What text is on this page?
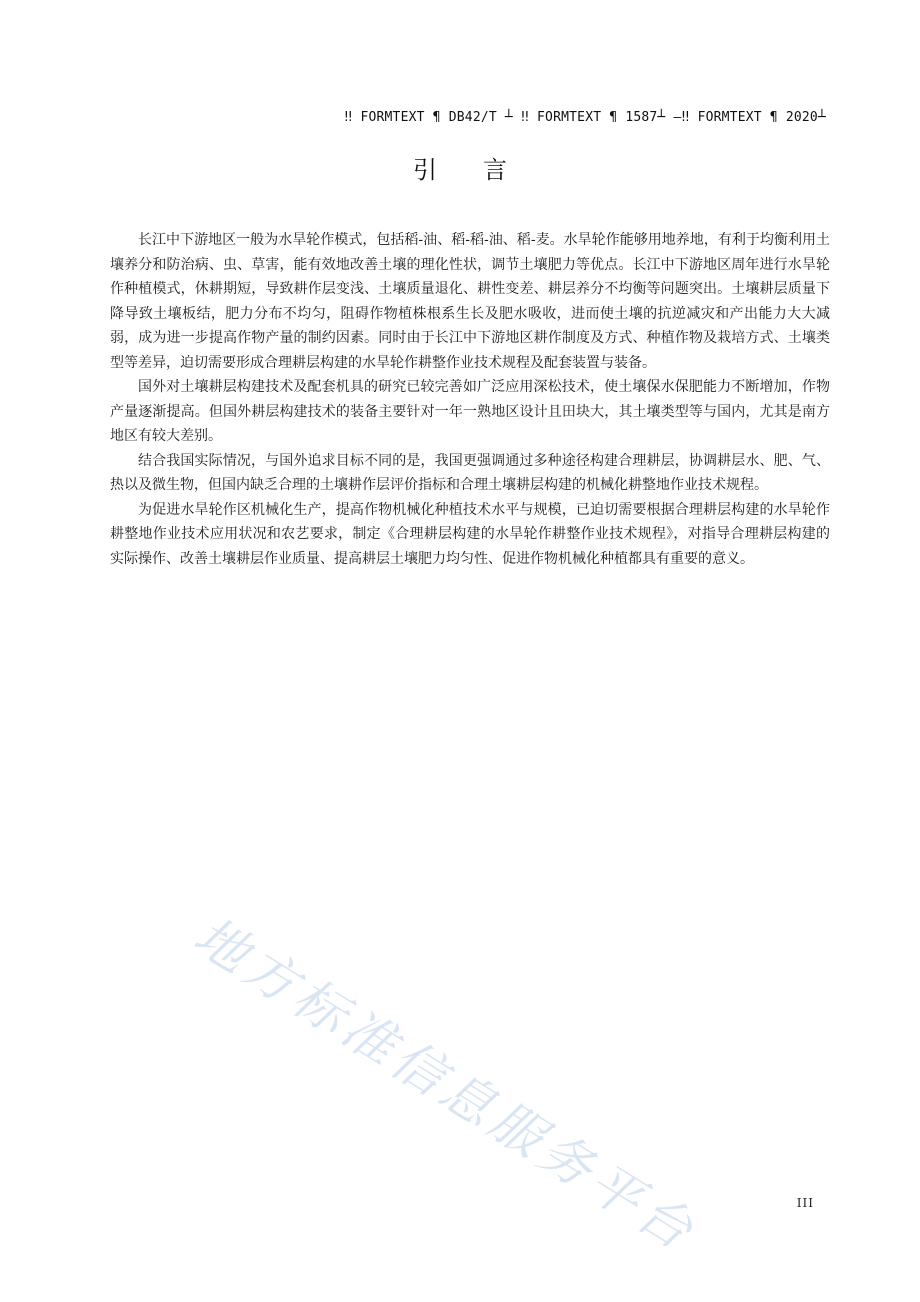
‼ FORMTEXT ¶ DB42/T ┴ ‼ FORMTEXT ¶ 1587┴ —‼ FORMTEXT ¶ 2020┴
引言

长江中下游地区一般为水旱轮作模式，包括稻-油、稻-稻-油、稻-麦。水旱轮作能够用地养地，有利于均衡利用土壤养分和防治病、虫、草害，能有效地改善土壤的理化性状，调节土壤肥力等优点。长江中下游地区周年进行水旱轮作种植模式，休耕期短，导致耕作层变浅、土壤质量退化、耕性变差、耕层养分不均衡等问题突出。土壤耕层质量下降导致土壤板结，肥力分布不均匀，阻碍作物植株根系生长及肥水吸收，进而使土壤的抗逆减灾和产出能力大大减弱，成为进一步提高作物产量的制约因素。同时由于长江中下游地区耕作制度及方式、种植作物及栽培方式、土壤类型等差异，迫切需要形成合理耕层构建的水旱轮作耕整作业技术规程及配套装置与装备。

国外对土壤耕层构建技术及配套机具的研究已较完善如广泛应用深松技术，使土壤保水保肥能力不断增加，作物产量逐渐提高。但国外耕层构建技术的装备主要针对一年一熟地区设计且田块大，其土壤类型等与国内，尤其是南方地区有较大差别。

结合我国实际情况，与国外追求目标不同的是，我国更强调通过多种途径构建合理耕层，协调耕层水、肥、气、热以及微生物，但国内缺乏合理的土壤耕作层评价指标和合理土壤耕层构建的机械化耕整地作业技术规程。

为促进水旱轮作区机械化生产，提高作物机械化种植技术水平与规模，已迫切需要根据合理耕层构建的水旱轮作耕整地作业技术应用状况和农艺要求，制定《合理耕层构建的水旱轮作耕整作业技术规程》，对指导合理耕层构建的实际操作、改善土壤耕层作业质量、提高耕层土壤肥力均匀性、促进作物机械化种植都具有重要的意义。

地方标准信息服务平台	III
